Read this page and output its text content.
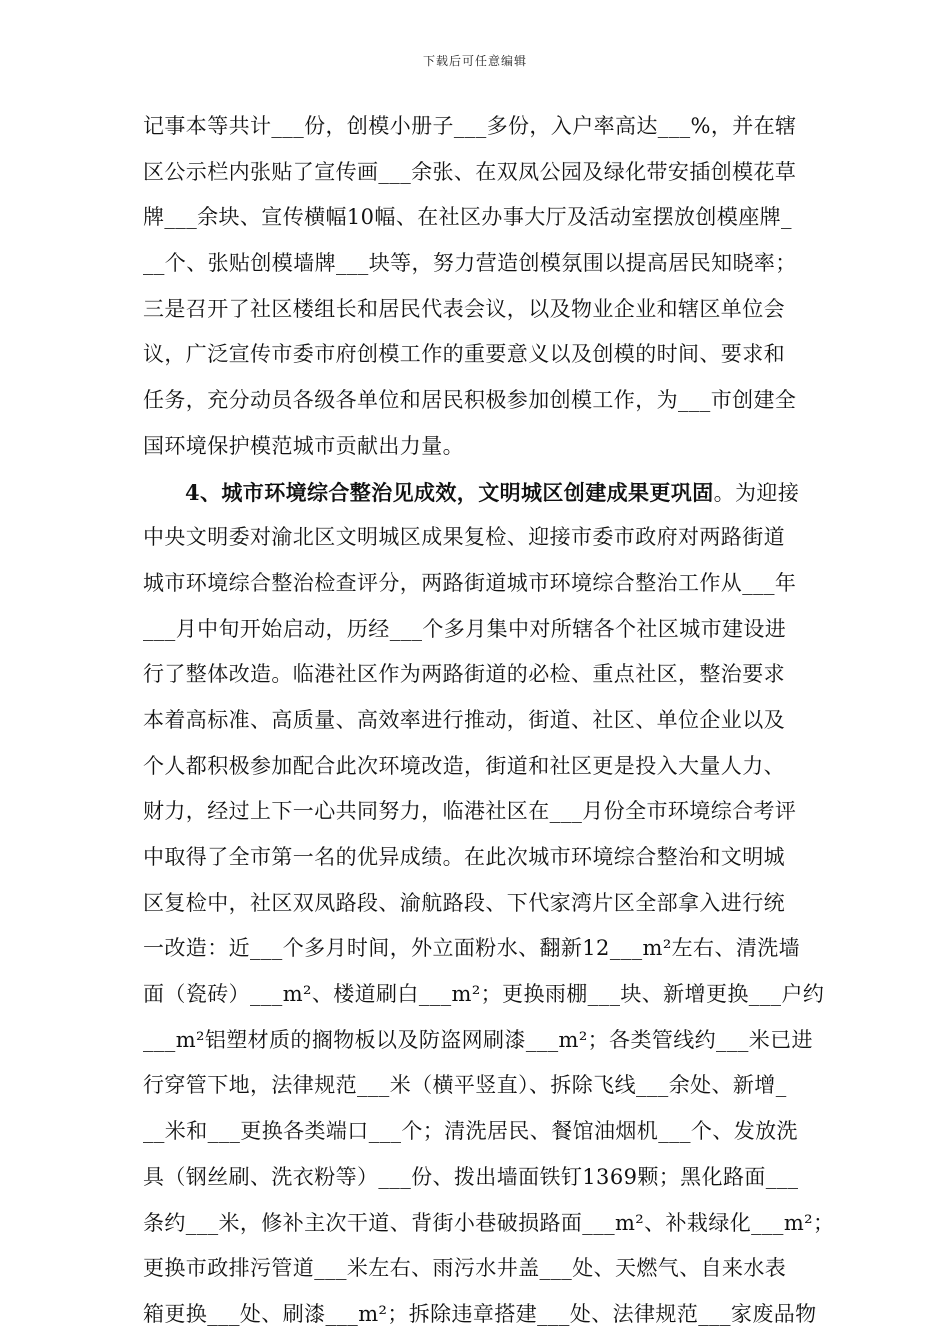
下载后可任意编辑
记事本等共计___份，创模小册子___多份，入户率高达___%，并在辖
区公示栏内张贴了宣传画___余张、在双凤公园及绿化带安插创模花草
牌___余块、宣传横幅10幅、在社区办事大厅及活动室摆放创模座牌_
__个、张贴创模墙牌___块等，努力营造创模氛围以提高居民知晓率；
三是召开了社区楼组长和居民代表会议，以及物业企业和辖区单位会
议，广泛宣传市委市府创模工作的重要意义以及创模的时间、要求和
任务，充分动员各级各单位和居民积极参加创模工作，为___市创建全
国环境保护模范城市贡献出力量。
4、城市环境综合整治见成效，文明城区创建成果更巩固。为迎接
中央文明委对渝北区文明城区成果复检、迎接市委市政府对两路街道
城市环境综合整治检查评分，两路街道城市环境综合整治工作从___年
___月中旬开始启动，历经___个多月集中对所辖各个社区城市建设进
行了整体改造。临港社区作为两路街道的必检、重点社区，整治要求
本着高标准、高质量、高效率进行推动，街道、社区、单位企业以及
个人都积极参加配合此次环境改造，街道和社区更是投入大量人力、
财力，经过上下一心共同努力，临港社区在___月份全市环境综合考评
中取得了全市第一名的优异成绩。在此次城市环境综合整治和文明城
区复检中，社区双凤路段、渝航路段、下代家湾片区全部拿入进行统
一改造：近___个多月时间，外立面粉水、翻新12___m²左右、清洗墙
面（瓷砖）___m²、楼道刷白___m²；更换雨棚___块、新增更换___户约
___m²铝塑材质的搁物板以及防盗网刷漆___m²；各类管线约___米已进
行穿管下地，法律规范___米（横平竖直）、拆除飞线___余处、新增_
__米和___更换各类端口___个；清洗居民、餐馆油烟机___个、发放洗
具（钢丝刷、洗衣粉等）___份、拨出墙面铁钉1369颗；黑化路面___
条约___米，修补主次干道、背街小巷破损路面___m²、补栽绿化___m²；
更换市政排污管道___米左右、雨污水井盖___处、天燃气、自来水表
箱更换___处、刷漆___m²；拆除违章搭建___处、法律规范___家废品物
